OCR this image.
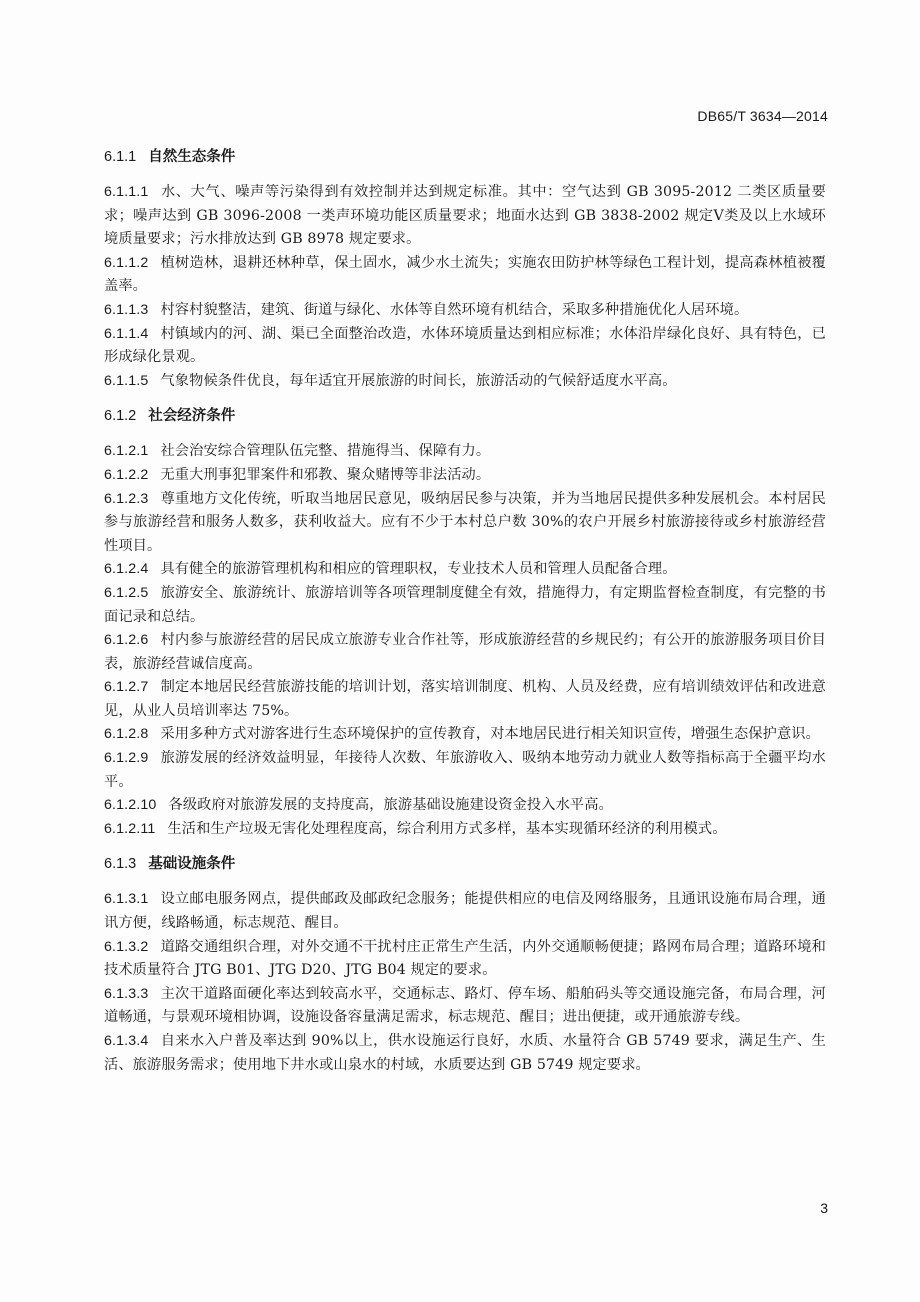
DB65/T 3634—2014
6.1.1 自然生态条件

6.1.1.1 水、大气、噪声等污染得到有效控制并达到规定标准。其中：空气达到 GB 3095-2012 二类区质量要求；噪声达到 GB 3096-2008 一类声环境功能区质量要求；地面水达到 GB 3838-2002 规定Ⅴ类及以上水域环境质量要求；污水排放达到 GB 8978 规定要求。

6.1.1.2 植树造林，退耕还林种草，保土固水，减少水土流失；实施农田防护林等绿色工程计划，提高森林植被覆盖率。

6.1.1.3 村容村貌整洁，建筑、街道与绿化、水体等自然环境有机结合，采取多种措施优化人居环境。

6.1.1.4 村镇域内的河、湖、渠已全面整治改造，水体环境质量达到相应标准；水体沿岸绿化良好、具有特色，已形成绿化景观。

6.1.1.5 气象物候条件优良，每年适宜开展旅游的时间长，旅游活动的气候舒适度水平高。

6.1.2 社会经济条件

6.1.2.1 社会治安综合管理队伍完整、措施得当、保障有力。

6.1.2.2 无重大刑事犯罪案件和邪教、聚众赌博等非法活动。

6.1.2.3 尊重地方文化传统，听取当地居民意见，吸纳居民参与决策，并为当地居民提供多种发展机会。本村居民参与旅游经营和服务人数多，获利收益大。应有不少于本村总户数 30%的农户开展乡村旅游接待或乡村旅游经营性项目。

6.1.2.4 具有健全的旅游管理机构和相应的管理职权，专业技术人员和管理人员配备合理。

6.1.2.5 旅游安全、旅游统计、旅游培训等各项管理制度健全有效，措施得力，有定期监督检查制度，有完整的书面记录和总结。

6.1.2.6 村内参与旅游经营的居民成立旅游专业合作社等，形成旅游经营的乡规民约；有公开的旅游服务项目价目表，旅游经营诚信度高。

6.1.2.7 制定本地居民经营旅游技能的培训计划，落实培训制度、机构、人员及经费，应有培训绩效评估和改进意见，从业人员培训率达 75%。

6.1.2.8 采用多种方式对游客进行生态环境保护的宣传教育，对本地居民进行相关知识宣传，增强生态保护意识。

6.1.2.9 旅游发展的经济效益明显，年接待人次数、年旅游收入、吸纳本地劳动力就业人数等指标高于全疆平均水平。

6.1.2.10 各级政府对旅游发展的支持度高，旅游基础设施建设资金投入水平高。

6.1.2.11 生活和生产垃圾无害化处理程度高，综合利用方式多样，基本实现循环经济的利用模式。

6.1.3 基础设施条件

6.1.3.1 设立邮电服务网点，提供邮政及邮政纪念服务；能提供相应的电信及网络服务，且通讯设施布局合理，通讯方便，线路畅通，标志规范、醒目。

6.1.3.2 道路交通组织合理，对外交通不干扰村庄正常生产生活，内外交通顺畅便捷；路网布局合理；道路环境和技术质量符合 JTG B01、JTG D20、JTG B04 规定的要求。

6.1.3.3 主次干道路面硬化率达到较高水平，交通标志、路灯、停车场、船舶码头等交通设施完备，布局合理，河道畅通，与景观环境相协调，设施设备容量满足需求，标志规范、醒目；进出便捷，或开通旅游专线。

6.1.3.4 自来水入户普及率达到 90%以上，供水设施运行良好，水质、水量符合 GB 5749 要求，满足生产、生活、旅游服务需求；使用地下井水或山泉水的村域，水质要达到 GB 5749 规定要求。

3
